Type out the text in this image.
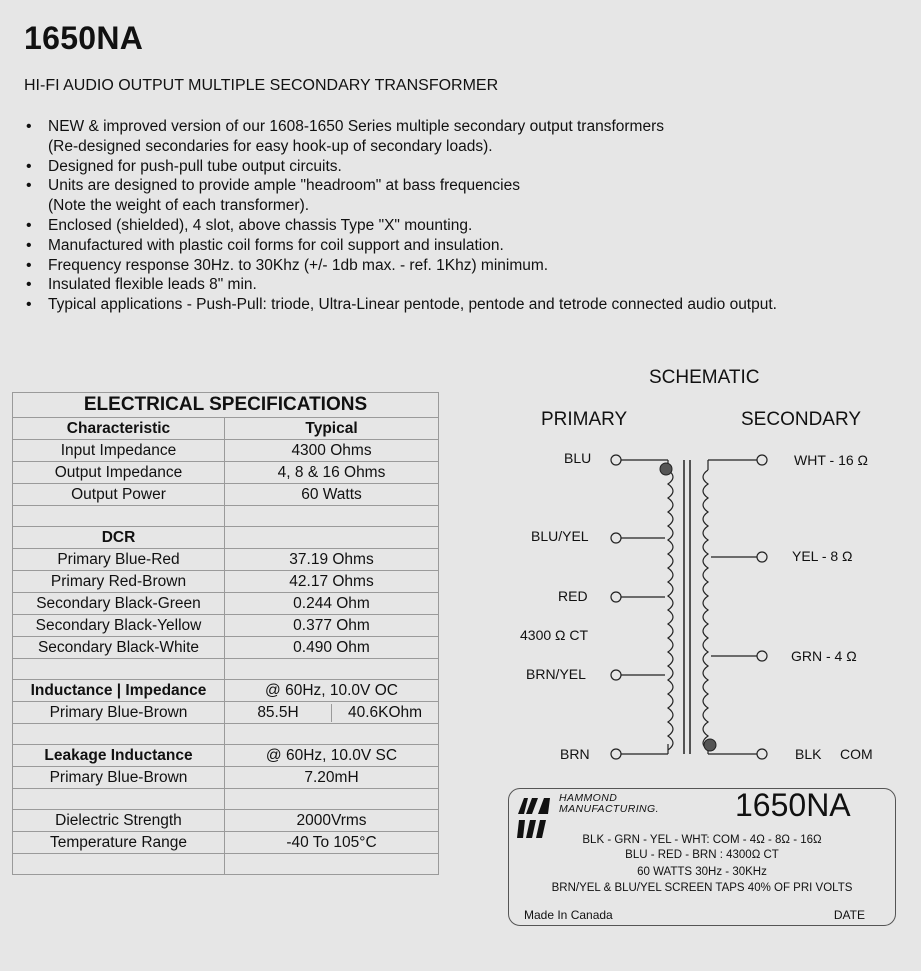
1650NA
HI-FI AUDIO OUTPUT MULTIPLE SECONDARY TRANSFORMER
• NEW & improved version of our 1608-1650 Series multiple secondary output transformers
(Re-designed secondaries for easy hook-up of secondary loads).
• Designed for push-pull tube output circuits.
• Units are designed to provide ample "headroom" at bass frequencies
(Note the weight of each transformer).
• Enclosed (shielded), 4 slot, above chassis Type "X" mounting.
• Manufactured with plastic coil forms for coil support and insulation.
• Frequency response 30Hz. to 30Khz (+/- 1db max. - ref. 1Khz) minimum.
• Insulated flexible leads 8" min.
• Typical applications - Push-Pull: triode, Ultra-Linear pentode, pentode and tetrode connected audio output.
ELECTRICAL SPECIFICATIONS	
Characteristic	Typical
Input Impedance	4300 Ohms
Output Impedance	4, 8 & 16 Ohms
Output Power	60 Watts

DCR	
Primary Blue-Red	37.19 Ohms
Primary Red-Brown	42.17 Ohms
Secondary Black-Green	0.244 Ohm
Secondary Black-Yellow	0.377 Ohm
Secondary Black-White	0.490 Ohm

Inductance | Impedance	@ 60Hz, 10.0V OC
Primary Blue-Brown	85.5H 40.6KOhm

Leakage Inductance	@ 60Hz, 10.0V SC
Primary Blue-Brown	7.20mH

Dielectric Strength	2000Vrms
Temperature Range	-40 To 105°C

SCHEMATIC
PRIMARY	SECONDARY
BLU
BLU/YEL
RED
4300 Ω CT
BRN/YEL
BRN
WHT - 16 Ω
YEL - 8 Ω
GRN - 4 Ω
BLK COM
HAMMOND
MANUFACTURING. 1650NA
BLK - GRN - YEL - WHT: COM - 4Ω - 8Ω - 16Ω
BLU - RED - BRN : 4300Ω CT
60 WATTS 30Hz - 30KHz
BRN/YEL & BLU/YEL SCREEN TAPS 40% OF PRI VOLTS
Made In Canada	DATE
